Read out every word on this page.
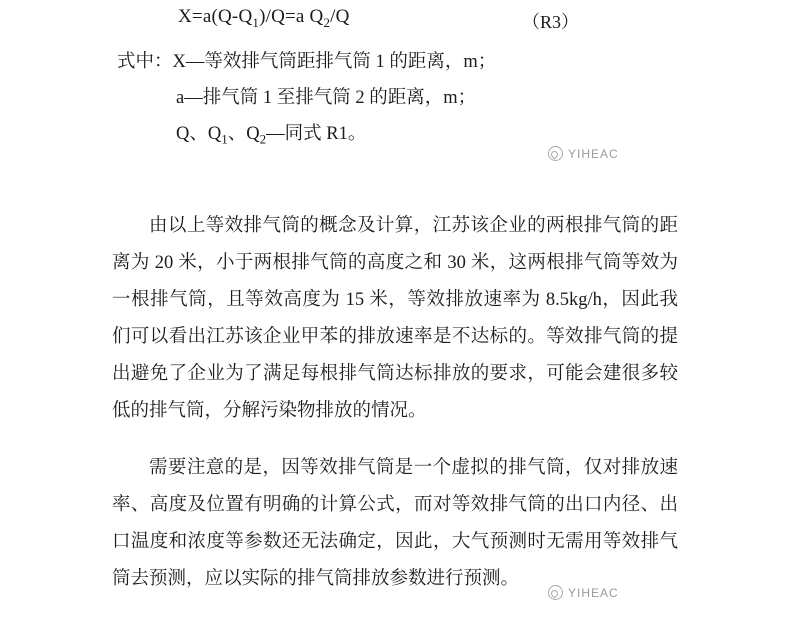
$X=a(Q-Q_1)/Q=a$ $Q_2/Q$	（R3）
式中：X—等效排气筒距排气筒 1 的距离，m；
a—排气筒 1 至排气筒 2 的距离，m；
Q、$Q_1$、$Q_2—$同式 R1。
由以上等效排气筒的概念及计算，江苏该企业的两根排气筒的距离为 20 米，小于两根排气筒的高度之和 30 米，这两根排气筒等效为一根排气筒，且等效高度为 15 米，等效排放速率为 8.5kg/h，因此我们可以看出江苏该企业甲苯的排放速率是不达标的。等效排气筒的提出避免了企业为了满足每根排气筒达标排放的要求，可能会建很多较低的排气筒，分解污染物排放的情况。
需要注意的是，因等效排气筒是一个虚拟的排气筒，仅对排放速率、高度及位置有明确的计算公式，而对等效排气筒的出口内径、出口温度和浓度等参数还无法确定，因此，大气预测时无需用等效排气筒去预测，应以实际的排气筒排放参数进行预测。
YIHEAC
YIHEAC
